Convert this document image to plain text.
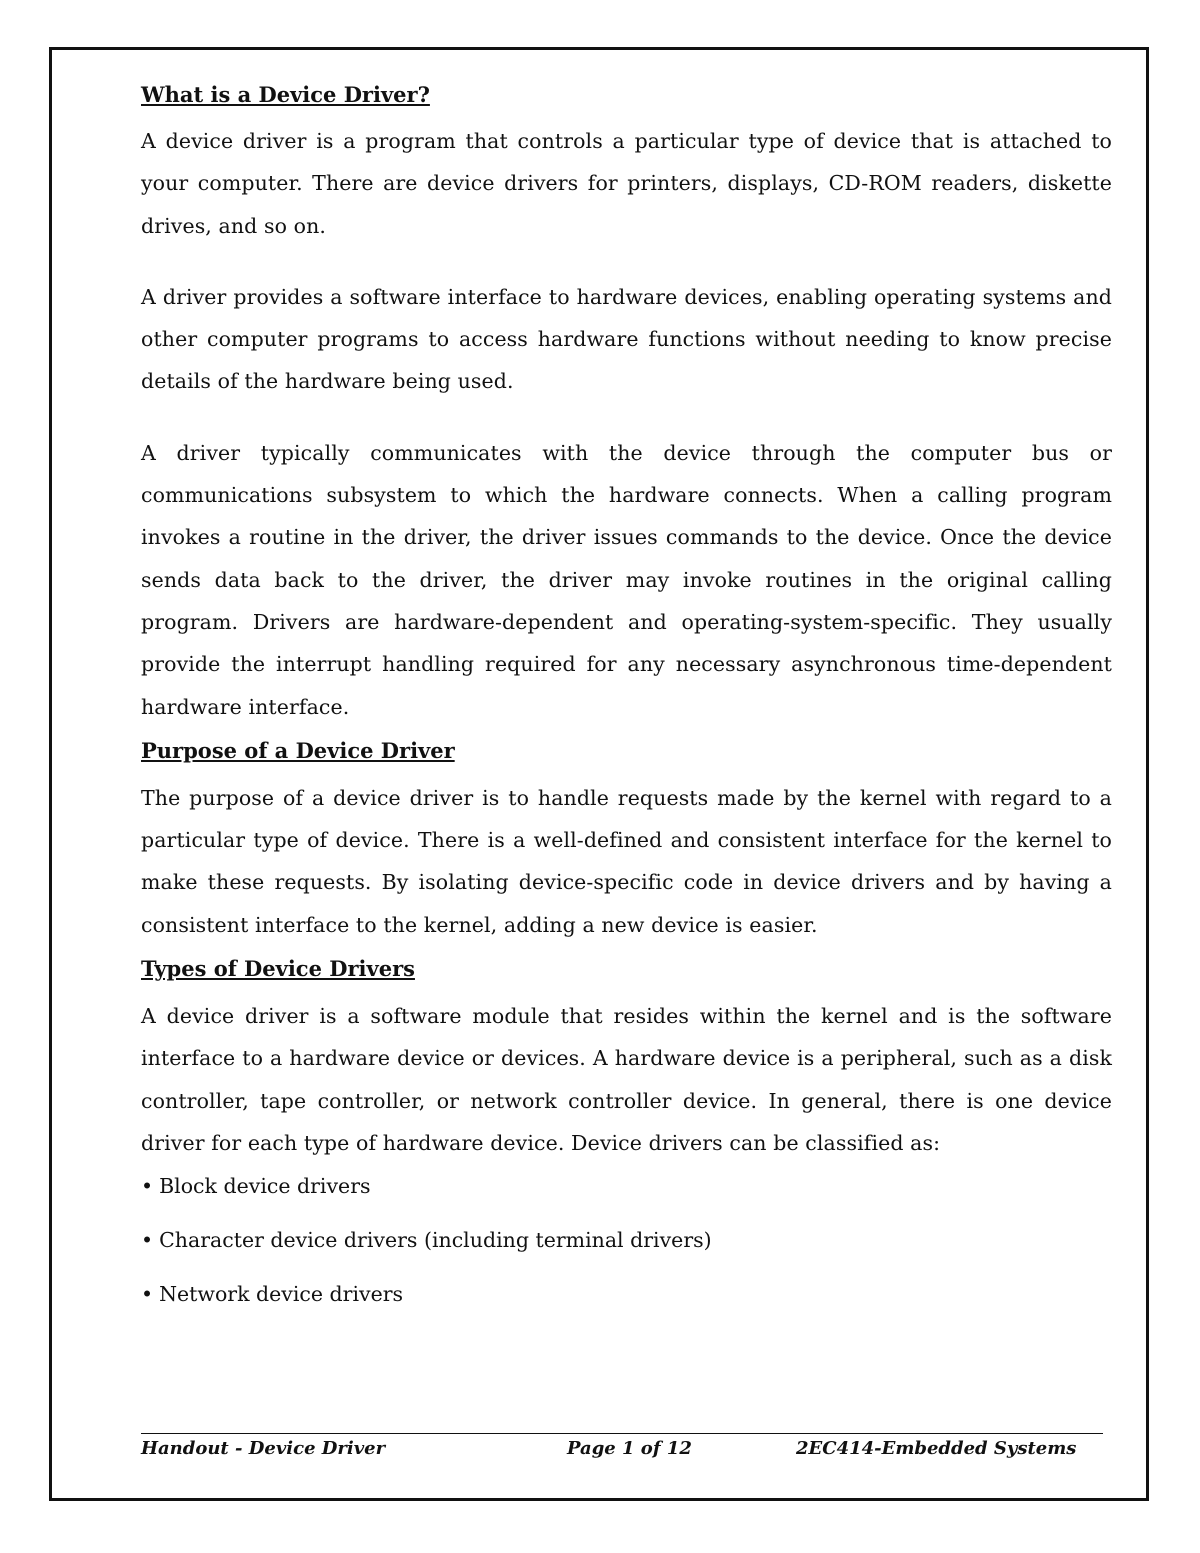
What is a Device Driver?

A device driver is a program that controls a particular type of device that is attached to your computer. There are device drivers for printers, displays, CD-ROM readers, diskette drives, and so on.

A driver provides a software interface to hardware devices, enabling operating systems and other computer programs to access hardware functions without needing to know precise details of the hardware being used.

A driver typically communicates with the device through the computer bus or communications subsystem to which the hardware connects. When a calling program invokes a routine in the driver, the driver issues commands to the device. Once the device sends data back to the driver, the driver may invoke routines in the original calling program. Drivers are hardware-dependent and operating-system-specific. They usually provide the interrupt handling required for any necessary asynchronous time-dependent hardware interface.

Purpose of a Device Driver

The purpose of a device driver is to handle requests made by the kernel with regard to a particular type of device. There is a well-defined and consistent interface for the kernel to make these requests. By isolating device-specific code in device drivers and by having a consistent interface to the kernel, adding a new device is easier.

Types of Device Drivers

A device driver is a software module that resides within the kernel and is the software interface to a hardware device or devices. A hardware device is a peripheral, such as a disk controller, tape controller, or network controller device. In general, there is one device driver for each type of hardware device. Device drivers can be classified as:

• Block device drivers
• Character device drivers (including terminal drivers)
• Network device drivers
Handout - Device Driver	Page 1 of 12	2EC414-Embedded Systems
